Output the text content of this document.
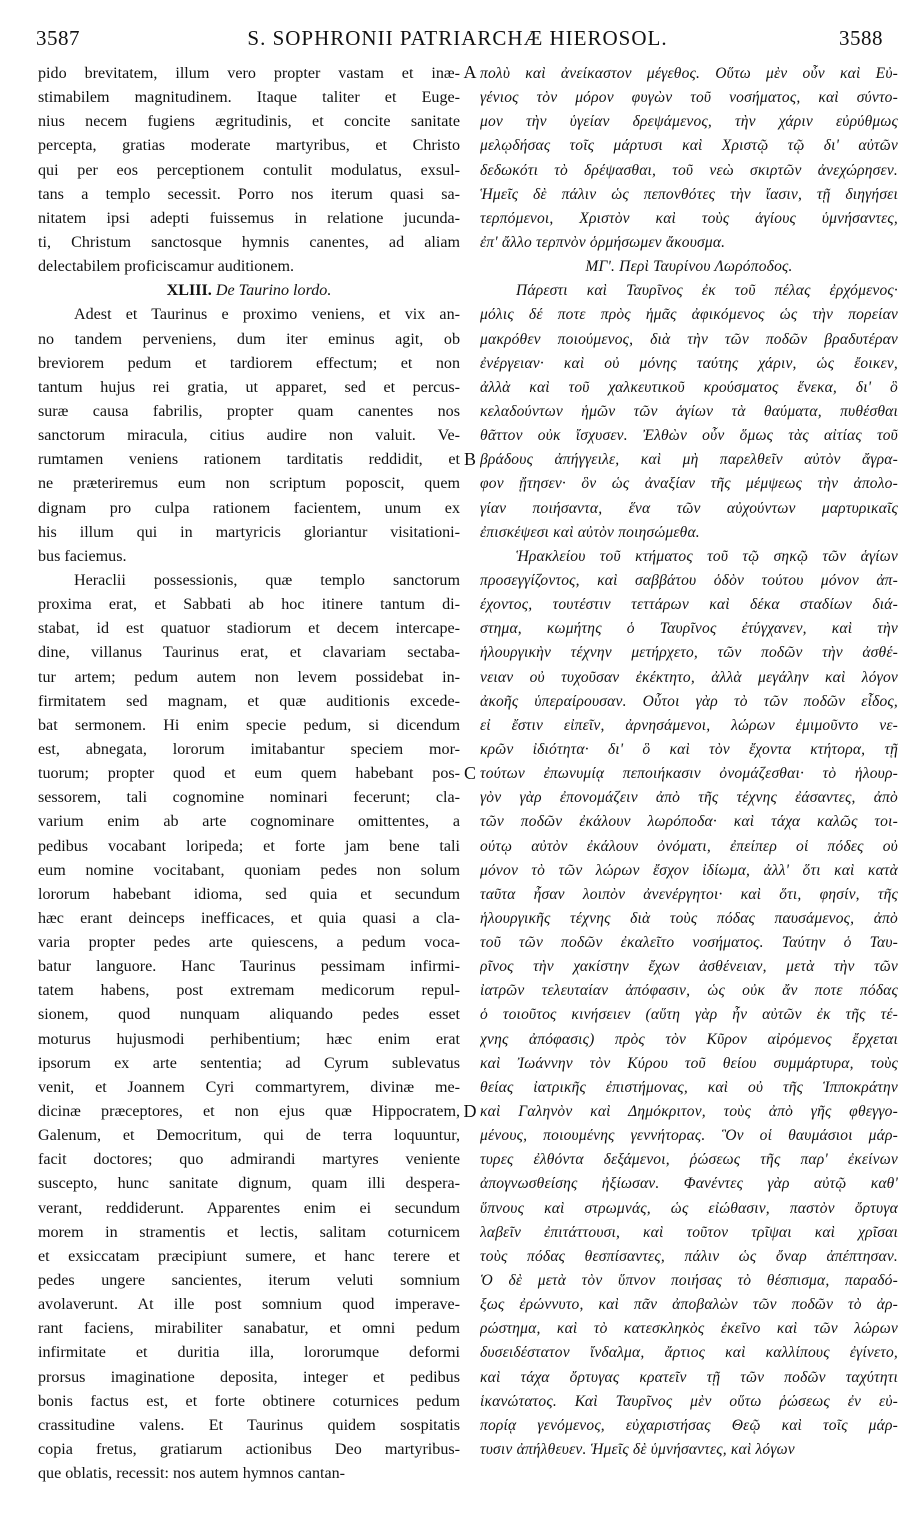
3587	S. SOPHRONII PATRIARCHÆ HIEROSOL.	3588
A
B
C
D
pido brevitatem, illum vero propter vastam et inæ-
stimabilem magnitudinem. Itaque taliter et Euge-
nius necem fugiens ægritudinis, et concite sanitate
percepta, gratias moderate martyribus, et Christo
qui per eos perceptionem contulit modulatus, exsul-
tans a templo secessit. Porro nos iterum quasi sa-
nitatem ipsi adepti fuissemus in relatione jucunda-
ti, Christum sanctosque hymnis canentes, ad aliam
delectabilem proficiscamur auditionem.
XLIII. De Taurino lordo.
Adest et Taurinus e proximo veniens, et vix an-
no tandem perveniens, dum iter eminus agit, ob
breviorem pedum et tardiorem effectum; et non
tantum hujus rei gratia, ut apparet, sed et percus-
suræ causa fabrilis, propter quam canentes nos
sanctorum miracula, citius audire non valuit. Ve-
rumtamen veniens rationem tarditatis reddidit, et
ne præteriremus eum non scriptum poposcit, quem
dignam pro culpa rationem facientem, unum ex
his illum qui in martyricis gloriantur visitationi-
bus faciemus.
Heraclii possessionis, quæ templo sanctorum
proxima erat, et Sabbati ab hoc itinere tantum di-
stabat, id est quatuor stadiorum et decem intercape-
dine, villanus Taurinus erat, et clavariam sectaba-
tur artem; pedum autem non levem possidebat in-
firmitatem sed magnam, et quæ auditionis excede-
bat sermonem. Hi enim specie pedum, si dicendum
est, abnegata, lororum imitabantur speciem mor-
tuorum; propter quod et eum quem habebant pos-
sessorem, tali cognomine nominari fecerunt; cla-
varium enim ab arte cognominare omittentes, a
pedibus vocabant loripeda; et forte jam bene tali
eum nomine vocitabant, quoniam pedes non solum
lororum habebant idioma, sed quia et secundum
hæc erant deinceps inefficaces, et quia quasi a cla-
varia propter pedes arte quiescens, a pedum voca-
batur languore. Hanc Taurinus pessimam infirmi-
tatem habens, post extremam medicorum repul-
sionem, quod nunquam aliquando pedes esset
moturus hujusmodi perhibentium; hæc enim erat
ipsorum ex arte sententia; ad Cyrum sublevatus
venit, et Joannem Cyri commartyrem, divinæ me-
dicinæ præceptores, et non ejus quæ Hippocratem,
Galenum, et Democritum, qui de terra loquuntur,
facit doctores; quo admirandi martyres veniente
suscepto, hunc sanitate dignum, quam illi despera-
verant, reddiderunt. Apparentes enim ei secundum
morem in stramentis et lectis, salitam coturnicem
et exsiccatam præcipiunt sumere, et hanc terere et
pedes ungere sancientes, iterum veluti somnium
avolaverunt. At ille post somnium quod imperave-
rant faciens, mirabiliter sanabatur, et omni pedum
infirmitate et duritia illa, lororumque deformi
prorsus imaginatione deposita, integer et pedibus
bonis factus est, et forte obtinere coturnices pedum
crassitudine valens. Et Taurinus quidem sospitatis
copia fretus, gratiarum actionibus Deo martyribus-
que oblatis, recessit: nos autem hymnos cantan-
πολὺ καὶ ἀνείκαστον μέγεθος. Οὕτω μὲν οὖν καὶ Εὐ-
γένιος τὸν μόρον φυγὼν τοῦ νοσήματος, καὶ σύντο-
μον τὴν ὑγείαν δρεψάμενος, τὴν χάριν εὐρύθμως
μελῳδήσας τοῖς μάρτυσι καὶ Χριστῷ τῷ δι' αὐτῶν
δεδωκότι τὸ δρέψασθαι, τοῦ νεὼ σκιρτῶν ἀνεχώρησεν.
Ἡμεῖς δὲ πάλιν ὡς πεπονθότες τὴν ἴασιν, τῇ διηγήσει
τερπόμενοι, Χριστὸν καὶ τοὺς ἁγίους ὑμνήσαντες,
ἐπ' ἄλλο τερπνὸν ὁρμήσωμεν ἄκουσμα.
ΜΓʹ. Περὶ Ταυρίνου Λωρόποδος.
Πάρεστι καὶ Ταυρῖνος ἐκ τοῦ πέλας ἐρχόμενος·
μόλις δέ ποτε πρὸς ἡμᾶς ἀφικόμενος ὡς τὴν πορείαν
μακρόθεν ποιούμενος, διὰ τὴν τῶν ποδῶν βραδυτέραν
ἐνέργειαν· καὶ οὐ μόνης ταύτης χάριν, ὡς ἔοικεν,
ἀλλὰ καὶ τοῦ χαλκευτικοῦ κρούσματος ἕνεκα, δι' ὃ
κελαδούντων ἡμῶν τῶν ἁγίων τὰ θαύματα, πυθέσθαι
θᾶττον οὐκ ἴσχυσεν. Ἐλθὼν οὖν ὅμως τὰς αἰτίας τοῦ
βράδους ἀπήγγειλε, καὶ μὴ παρελθεῖν αὐτὸν ἄγρα-
φον ᾔτησεν· ὃν ὡς ἀναξίαν τῆς μέμψεως τὴν ἀπολο-
γίαν ποιήσαντα, ἕνα τῶν αὐχούντων μαρτυρικαῖς
ἐπισκέψεσι καὶ αὐτὸν ποιησώμεθα.
Ἡρακλείου τοῦ κτήματος τοῦ τῷ σηκῷ τῶν ἁγίων
προσεγγίζοντος, καὶ σαββάτου ὁδὸν τούτου μόνον ἀπ-
έχοντος, τουτέστιν τεττάρων καὶ δέκα σταδίων διά-
στημα, κωμήτης ὁ Ταυρῖνος ἐτύγχανεν, καὶ τὴν
ἡλουργικὴν τέχνην μετήρχετο, τῶν ποδῶν τὴν ἀσθέ-
νειαν οὐ τυχοῦσαν ἐκέκτητο, ἀλλὰ μεγάλην καὶ λόγον
ἀκοῆς ὑπεραίρουσαν. Οὗτοι γὰρ τὸ τῶν ποδῶν εἶδος,
εἰ ἔστιν εἰπεῖν, ἀρνησάμενοι, λώρων ἐμιμοῦντο νε-
κρῶν ἰδιότητα· δι' ὃ καὶ τὸν ἔχοντα κτήτορα, τῇ
τούτων ἐπωνυμίᾳ πεποιήκασιν ὀνομάζεσθαι· τὸ ἡλουρ-
γὸν γὰρ ἐπονομάζειν ἀπὸ τῆς τέχνης ἐάσαντες, ἀπὸ
τῶν ποδῶν ἐκάλουν λωρόποδα· καὶ τάχα καλῶς τοι-
ούτῳ αὐτὸν ἐκάλουν ὀνόματι, ἐπείπερ οἱ πόδες οὐ
μόνον τὸ τῶν λώρων ἔσχον ἰδίωμα, ἀλλ' ὅτι καὶ κατὰ
ταῦτα ἦσαν λοιπὸν ἀνενέργητοι· καὶ ὅτι, φησίν, τῆς
ἡλουργικῆς τέχνης διὰ τοὺς πόδας παυσάμενος, ἀπὸ
τοῦ τῶν ποδῶν ἐκαλεῖτο νοσήματος. Ταύτην ὁ Ταυ-
ρῖνος τὴν χακίστην ἔχων ἀσθένειαν, μετὰ τὴν τῶν
ἰατρῶν τελευταίαν ἀπόφασιν, ὡς οὐκ ἄν ποτε πόδας
ὁ τοιοῦτος κινήσειεν (αὕτη γὰρ ἦν αὐτῶν ἐκ τῆς τέ-
χνης ἀπόφασις) πρὸς τὸν Κῦρον αἰρόμενος ἔρχεται
καὶ Ἰωάννην τὸν Κύρου τοῦ θείου συμμάρτυρα, τοὺς
θείας ἰατρικῆς ἐπιστήμονας, καὶ οὐ τῆς Ἱπποκράτην
καὶ Γαληνὸν καὶ Δημόκριτον, τοὺς ἀπὸ γῆς φθεγγο-
μένους, ποιουμένης γεννήτορας. Ὃν οἱ θαυμάσιοι μάρ-
τυρες ἐλθόντα δεξάμενοι, ῥώσεως τῆς παρ' ἐκείνων
ἀπογνωσθείσης ἠξίωσαν. Φανέντες γὰρ αὐτῷ καθ'
ὕπνους καὶ στρωμνάς, ὡς εἰώθασιν, παστὸν ὄρτυγα
λαβεῖν ἐπιτάττουσι, καὶ τοῦτον τρῖψαι καὶ χρῖσαι
τοὺς πόδας θεσπίσαντες, πάλιν ὡς ὄναρ ἀπέπτησαν.
Ὁ δὲ μετὰ τὸν ὕπνον ποιήσας τὸ θέσπισμα, παραδό-
ξως ἐρώννυτο, καὶ πᾶν ἀποβαλὼν τῶν ποδῶν τὸ ἀρ-
ρώστημα, καὶ τὸ κατεσκληκὸς ἐκεῖνο καὶ τῶν λώρων
δυσειδέστατον ἴνδαλμα, ἄρτιος καὶ καλλίπους ἐγίνετο,
καὶ τάχα ὄρτυγας κρατεῖν τῇ τῶν ποδῶν ταχύτητι
ἱκανώτατος. Καὶ Ταυρῖνος μὲν οὕτω ῥώσεως ἐν εὐ-
πορίᾳ γενόμενος, εὐχαριστήσας Θεῷ καὶ τοῖς μάρ-
τυσιν ἀπήλθευεν. Ἡμεῖς δὲ ὑμνήσαντες, καὶ λόγων
